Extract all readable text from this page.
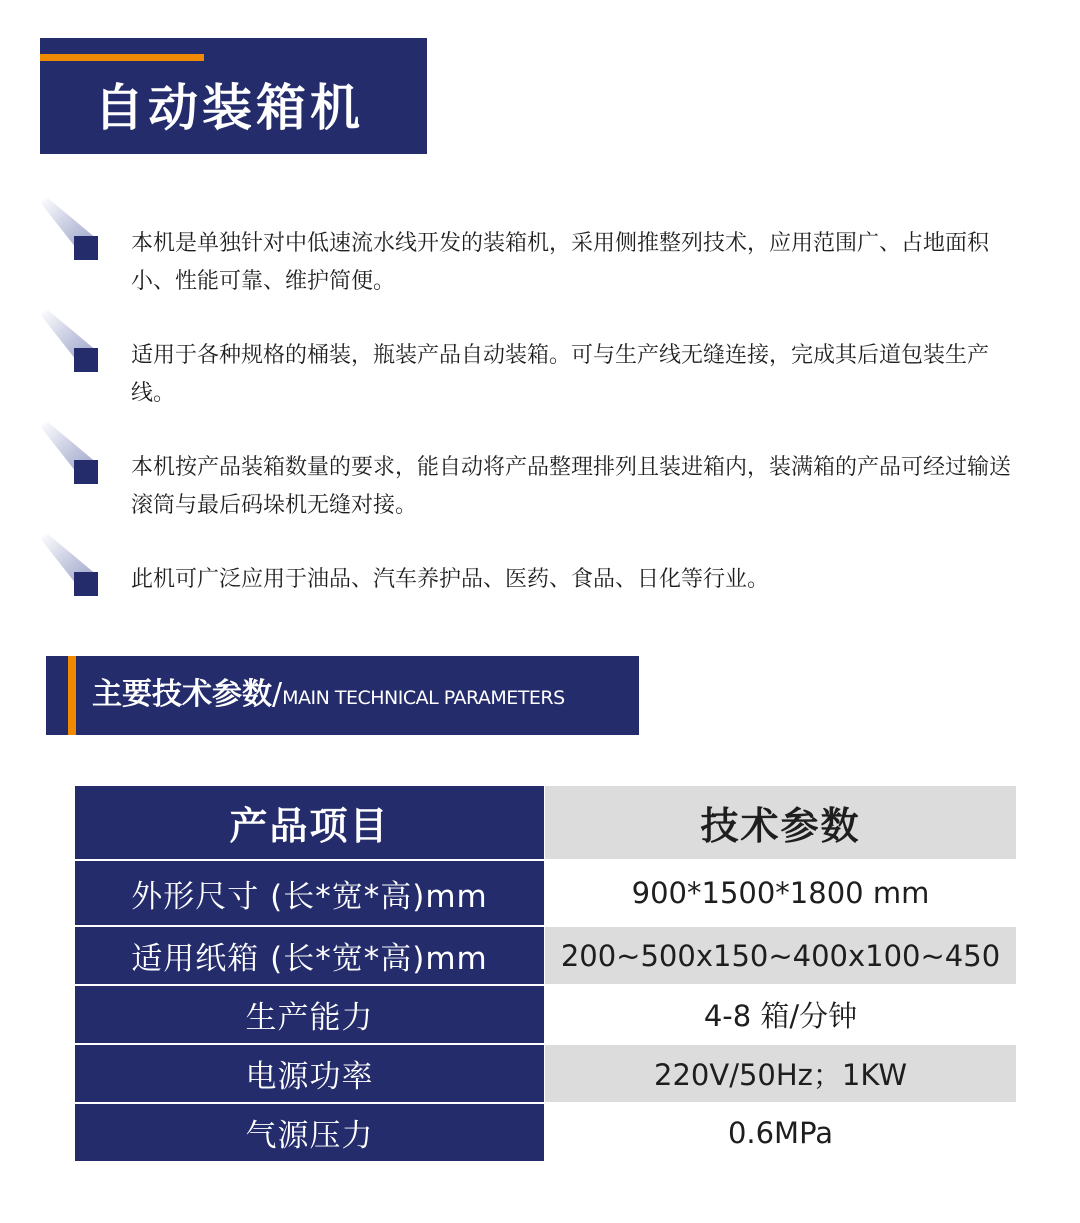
自动装箱机
本机是单独针对中低速流水线开发的装箱机，采用侧推整列技术，应用范围广、占地面积小、性能可靠、维护简便。
适用于各种规格的桶装，瓶装产品自动装箱。可与生产线无缝连接，完成其后道包装生产线。
本机按产品装箱数量的要求，能自动将产品整理排列且装进箱内，装满箱的产品可经过输送滚筒与最后码垛机无缝对接。
此机可广泛应用于油品、汽车养护品、医药、食品、日化等行业。
主要技术参数/MAIN TECHNICAL PARAMETERS
产品项目	技术参数
外形尺寸 (长*宽*高)mm	900*1500*1800 mm
适用纸箱 (长*宽*高)mm	200~500x150~400x100~450
生产能力	4-8 箱/分钟
电源功率	220V/50Hz；1KW
气源压力	0.6MPa
